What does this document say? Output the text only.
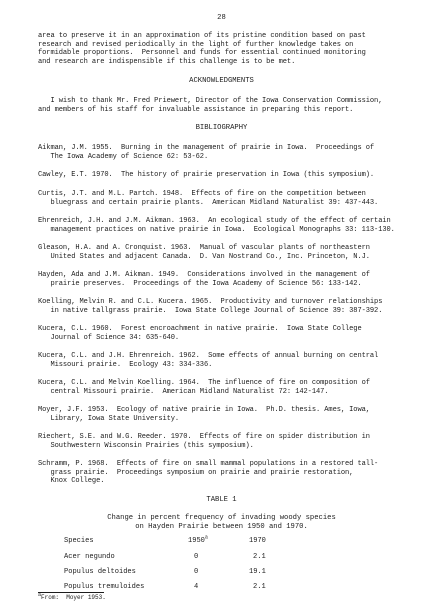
28
area to preserve it in an approximation of its pristine condition based on past
research and revised periodically in the light of further knowledge takes on
formidable proportions.  Personnel and funds for essential continued monitoring
and research are indispensible if this challenge is to be met.
ACKNOWLEDGMENTS
I wish to thank Mr. Fred Priewert, Director of the Iowa Conservation Commission,
and members of his staff for invaluable assistance in preparing this report.
BIBLIOGRAPHY
Aikman, J.M. 1955.  Burning in the management of prairie in Iowa.  Proceedings of
The Iowa Academy of Science 62: 53-62.
Cawley, E.T. 1970.  The history of prairie preservation in Iowa (this symposium).
Curtis, J.T. and M.L. Partch. 1948.  Effects of fire on the competition between
bluegrass and certain prairie plants.  American Midland Naturalist 39: 437-443.
Ehrenreich, J.H. and J.M. Aikman. 1963.  An ecological study of the effect of certain
management practices on native prairie in Iowa.  Ecological Monographs 33: 113-130.
Gleason, H.A. and A. Cronquist. 1963.  Manual of vascular plants of northeastern
United States and adjacent Canada.  D. Van Nostrand Co., Inc. Princeton, N.J.
Hayden, Ada and J.M. Aikman. 1949.  Considerations involved in the management of
prairie preserves.  Proceedings of the Iowa Academy of Science 56: 133-142.
Koelling, Melvin R. and C.L. Kucera. 1965.  Productivity and turnover relationships
in native tallgrass prairie.  Iowa State College Journal of Science 39: 387-392.
Kucera, C.L. 1960.  Forest encroachment in native prairie.  Iowa State College
Journal of Science 34: 635-640.
Kucera, C.L. and J.H. Ehrenreich. 1962.  Some effects of annual burning on central
Missouri prairie.  Ecology 43: 334-336.
Kucera, C.L. and Melvin Koelling. 1964.  The influence of fire on composition of
central Missouri prairie.  American Midland Naturalist 72: 142-147.
Moyer, J.F. 1953.  Ecology of native prairie in Iowa.  Ph.D. thesis. Ames, Iowa,
Library, Iowa State University.
Riechert, S.E. and W.G. Reeder. 1970.  Effects of fire on spider distribution in
Southwestern Wisconsin Prairies (this symposium).
Schramm, P. 1968.  Effects of fire on small mammal populations in a restored tall-
grass prairie.  Proceedings symposium on prairie and prairie restoration,
Knox College.
TABLE 1
Change in percent frequency of invading woody species
on Hayden Prairie between 1950 and 1970.
Species	1950$^a$	1970
Acer negundo	0	2.1
Populus deltoides	0	19.1
Populus tremuloides	4	2.1
$^a$From:  Moyer 1953.
